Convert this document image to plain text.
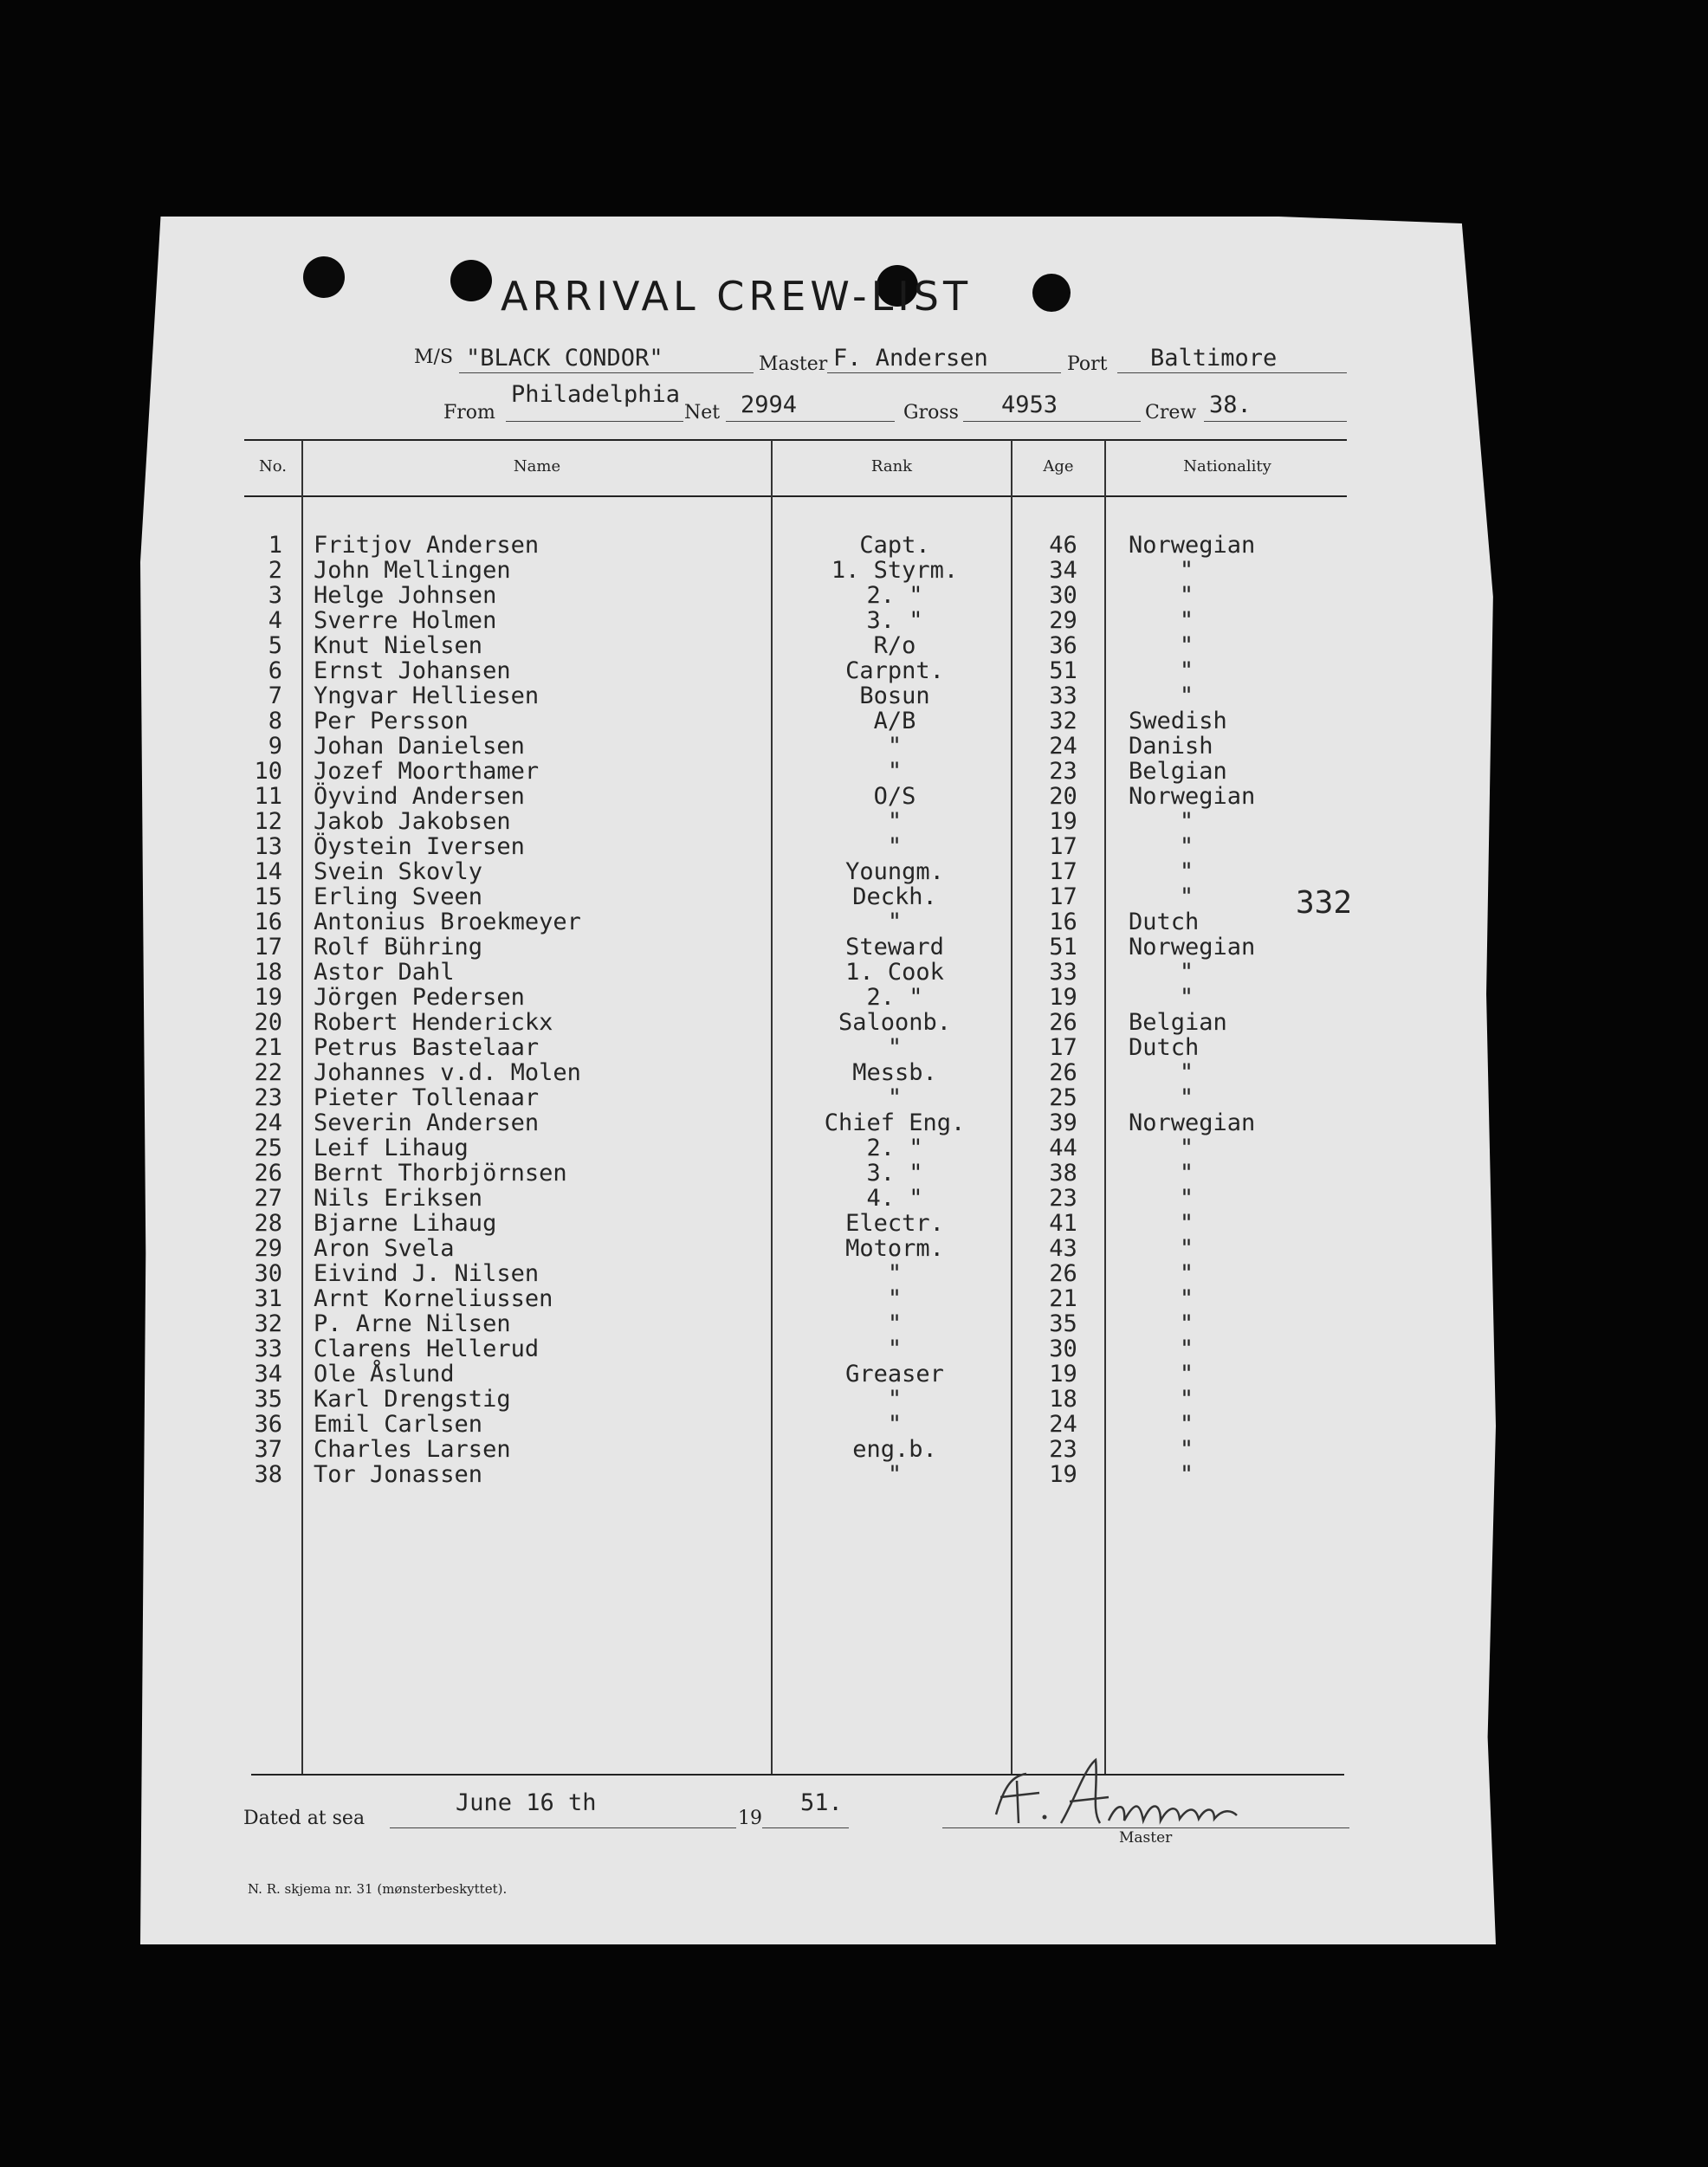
ARRIVAL CREW-LIST
M/S "BLACK CONDOR"	Master F. Andersen	Port Baltimore
From
Philadelphia
Net 2994	Gross 4953	Crew 38.
No.	Name	Rank	Age	Nationality
1 Fritjov Andersen	Capt.	46	Norwegian
2 John Mellingen	1. Styrm.	34	"
3 Helge Johnsen	2. "	30	"
4 Sverre Holmen	3. "	29	"
5 Knut Nielsen	R/o	36	"
6 Ernst Johansen	Carpnt.	51	"
7 Yngvar Helliesen	Bosun	33	"
8 Per Persson	A/B	32	Swedish
9 Johan Danielsen	"	24	Danish
10 Jozef Moorthamer	"	23	Belgian
11 Öyvind Andersen	O/S	20	Norwegian
12 Jakob Jakobsen	"	19	"
13 Öystein Iversen	"	17	"
14 Svein Skovly	Youngm.	17	"
15 Erling Sveen	Deckh.	17	"
16 Antonius Broekmeyer	"	16	Dutch
17 Rolf Bühring	Steward	51	Norwegian
18 Astor Dahl	1. Cook	33	"
19 Jörgen Pedersen	2. "	19	"
20 Robert Henderickx	Saloonb.	26	Belgian
21 Petrus Bastelaar	"	17	Dutch
22 Johannes v.d. Molen	Messb.	26	"
23 Pieter Tollenaar	"	25	"
24 Severin Andersen	Chief Eng.	39	Norwegian
25 Leif Lihaug	2. "	44	"
26 Bernt Thorbjörnsen	3. "	38	"
27 Nils Eriksen	4. "	23	"
28 Bjarne Lihaug	Electr.	41	"
29 Aron Svela	Motorm.	43	"
30 Eivind J. Nilsen	"	26	"
31 Arnt Korneliussen	"	21	"
32 P. Arne Nilsen	"	35	"
33 Clarens Hellerud	"	30	"
34 Ole Åslund	Greaser	19	"
35 Karl Drengstig	"	18	"
36 Emil Carlsen	"	24	"
37 Charles Larsen	eng.b.	23	"
38 Tor Jonassen	"	19	"
332
Dated at sea
June 16 th
19
51.
Master
N. R. skjema nr. 31 (mønsterbeskyttet).
